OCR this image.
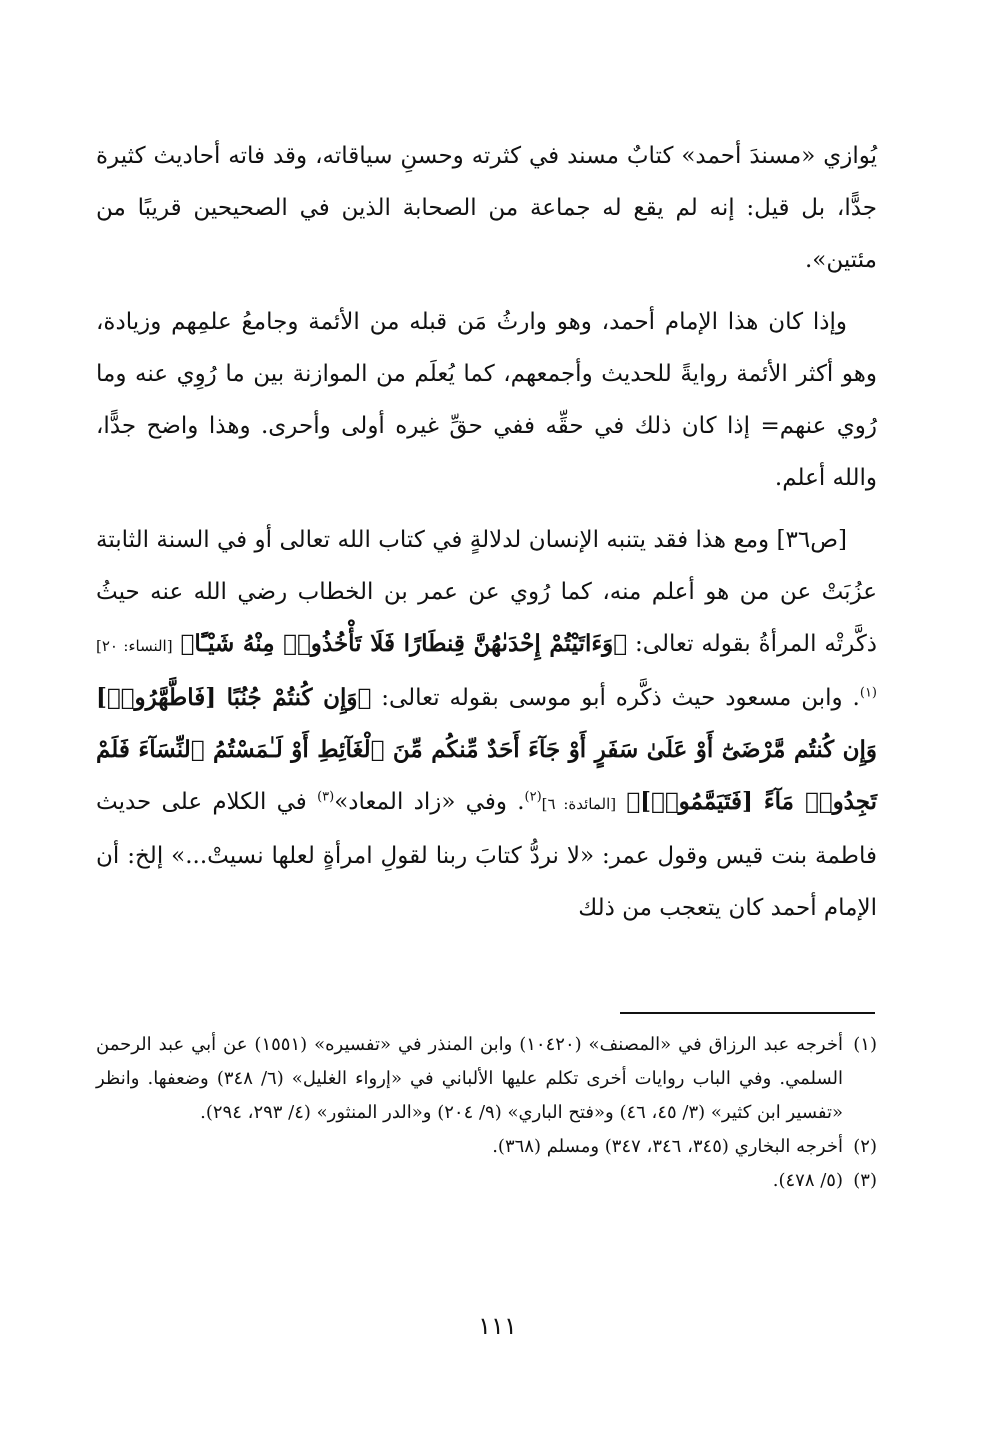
يُوازي «مسندَ أحمد» كتابٌ مسند في كثرته وحسنِ سياقاته، وقد فاته أحاديث كثيرة جدًّا، بل قيل: إنه لم يقع له جماعة من الصحابة الذين في الصحيحين قريبًا من مئتين».

وإذا كان هذا الإمام أحمد، وهو وارثُ مَن قبله من الأئمة وجامعُ علمِهم وزيادة، وهو أكثر الأئمة روايةً للحديث وأجمعهم، كما يُعلَم من الموازنة بين ما رُوِي عنه وما رُوي عنهم= إذا كان ذلك في حقِّه ففي حقِّ غيره أولى وأحرى. وهذا واضح جدًّا، والله أعلم.

[ص٣٦] ومع هذا فقد يتنبه الإنسان لدلالةٍ في كتاب الله تعالى أو في السنة الثابتة عزُبَتْ عن من هو أعلم منه، كما رُوي عن عمر بن الخطاب رضي الله عنه حيثُ ذكَّرتْه المرأةُ بقوله تعالى: ﴿وَءَاتَيْتُمْ إِحْدَىٰهُنَّ قِنطَارًا فَلَا تَأْخُذُوا۟ مِنْهُ شَيْـًٔا﴾ [النساء: ٢٠]$^{(١)}$. وابن مسعود حيث ذكَّره أبو موسى بقوله تعالى: ﴿وَإِن كُنتُمْ جُنُبًا [فَاطَّهَّرُوا۟] وَإِن كُنتُم مَّرْضَىٰٓ أَوْ عَلَىٰ سَفَرٍ أَوْ جَآءَ أَحَدٌ مِّنكُم مِّنَ ٱلْغَآئِطِ أَوْ لَـٰمَسْتُمُ ٱلنِّسَآءَ فَلَمْ تَجِدُوا۟ مَآءً [فَتَيَمَّمُوا۟]﴾ [المائدة: ٦]$^{(٢)}$. وفي «زاد المعاد»$^{(٣)}$ في الكلام على حديث فاطمة بنت قيس وقول عمر: «لا نردُّ كتابَ ربنا لقولِ امرأةٍ لعلها نسيتْ...» إلخ: أن الإمام أحمد كان يتعجب من ذلك

(١)
أخرجه عبد الرزاق في «المصنف» (١٠٤٢٠) وابن المنذر في «تفسيره» (١٥٥١) عن أبي عبد الرحمن السلمي. وفي الباب روايات أخرى تكلم عليها الألباني في «إرواء الغليل» (٦/ ٣٤٨) وضعفها. وانظر «تفسير ابن كثير» (٣/ ٤٥، ٤٦) و«فتح الباري» (٩/ ٢٠٤) و«الدر المنثور» (٤/ ٢٩٣، ٢٩٤).
(٢)
أخرجه البخاري (٣٤٥، ٣٤٦، ٣٤٧) ومسلم (٣٦٨).
(٣)
(٥/ ٤٧٨).
١١١
